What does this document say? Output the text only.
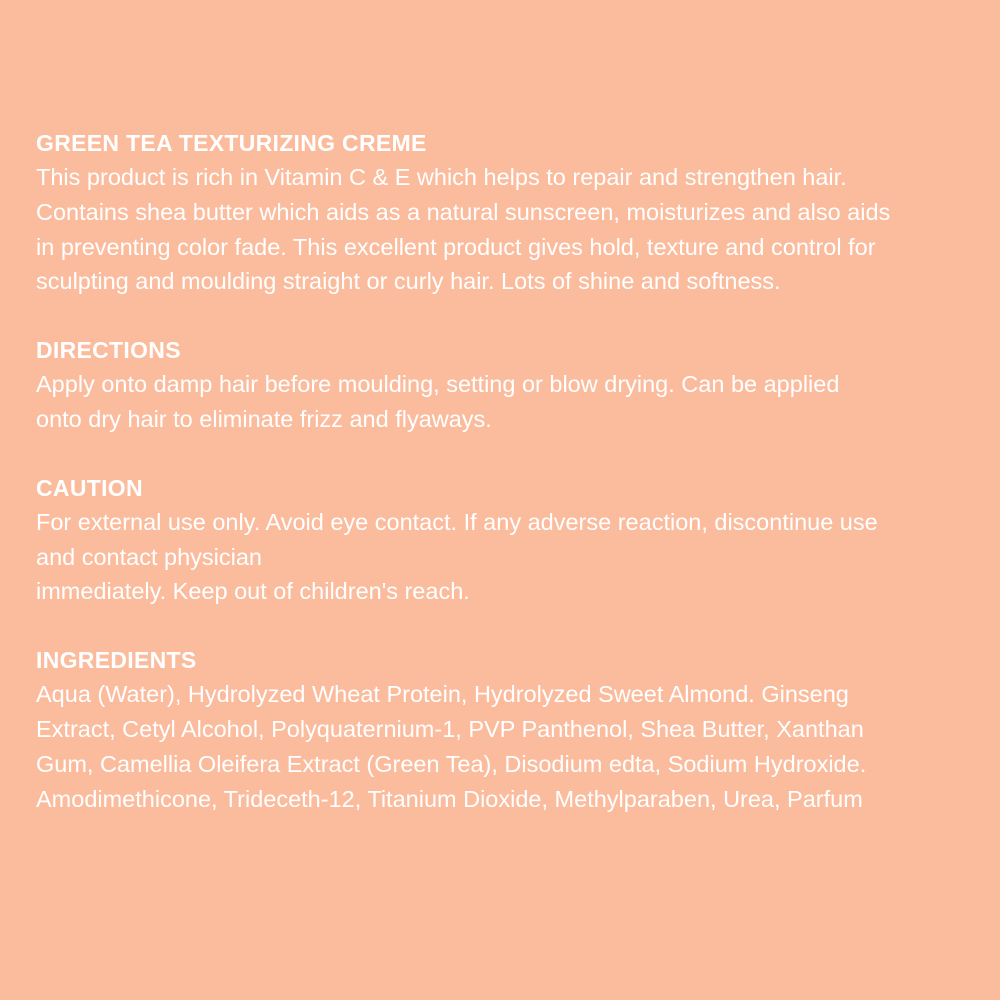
GREEN TEA TEXTURIZING CREME

This product is rich in Vitamin C & E which helps to repair and strengthen hair.

Contains shea butter which aids as a natural sunscreen, moisturizes and also aids

in preventing color fade. This excellent product gives hold, texture and control for

sculpting and moulding straight or curly hair. Lots of shine and softness.

DIRECTIONS

Apply onto damp hair before moulding, setting or blow drying. Can be applied

onto dry hair to eliminate frizz and flyaways.

CAUTION

For external use only. Avoid eye contact. If any adverse reaction, discontinue use

and contact physician

immediately. Keep out of children's reach.

INGREDIENTS

Aqua (Water), Hydrolyzed Wheat Protein, Hydrolyzed Sweet Almond. Ginseng

Extract, Cetyl Alcohol, Polyquaternium-1, PVP Panthenol, Shea Butter, Xanthan

Gum, Camellia Oleifera Extract (Green Tea), Disodium edta, Sodium Hydroxide.

Amodimethicone, Trideceth-12, Titanium Dioxide, Methylparaben, Urea, Parfum
